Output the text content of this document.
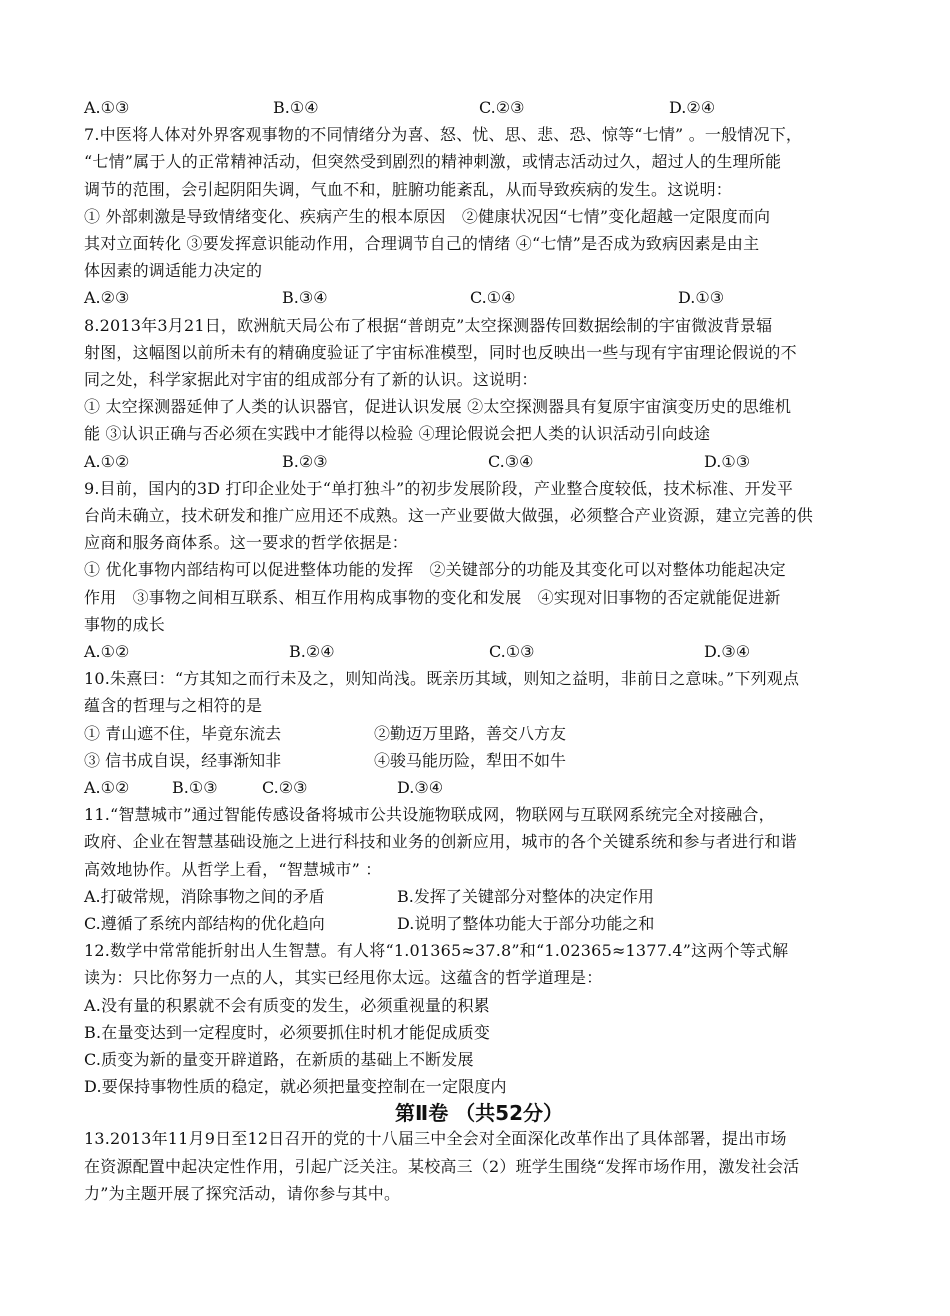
A.①③	B.①④	C.②③	D.②④
7.中医将人体对外界客观事物的不同情绪分为喜、怒、忧、思、悲、恐、惊等“七情” 。一般情况下，
“七情”属于人的正常精神活动，但突然受到剧烈的精神刺激，或情志活动过久，超过人的生理所能
调节的范围，会引起阴阳失调，气血不和，脏腑功能紊乱，从而导致疾病的发生。这说明：
① 外部刺激是导致情绪变化、疾病产生的根本原因　②健康状况因“七情”变化超越一定限度而向
其对立面转化 ③要发挥意识能动作用，合理调节自己的情绪 ④“七情”是否成为致病因素是由主
体因素的调适能力决定的
A.②③	B.③④	C.①④	D.①③
8.2013年3月21日，欧洲航天局公布了根据“普朗克”太空探测器传回数据绘制的宇宙微波背景辐
射图，这幅图以前所未有的精确度验证了宇宙标准模型，同时也反映出一些与现有宇宙理论假说的不
同之处，科学家据此对宇宙的组成部分有了新的认识。这说明：
① 太空探测器延伸了人类的认识器官，促进认识发展 ②太空探测器具有复原宇宙演变历史的思维机
能 ③认识正确与否必须在实践中才能得以检验 ④理论假说会把人类的认识活动引向歧途
A.①②	B.②③	C.③④	D.①③
9.目前，国内的3D 打印企业处于“单打独斗”的初步发展阶段，产业整合度较低，技术标准、开发平
台尚未确立，技术研发和推广应用还不成熟。这一产业要做大做强，必须整合产业资源，建立完善的供
应商和服务商体系。这一要求的哲学依据是：
① 优化事物内部结构可以促进整体功能的发挥　②关键部分的功能及其变化可以对整体功能起决定
作用　③事物之间相互联系、相互作用构成事物的变化和发展　④实现对旧事物的否定就能促进新
事物的成长
A.①②	B.②④	C.①③	D.③④
10.朱熹曰：“方其知之而行未及之，则知尚浅。既亲历其域，则知之益明，非前日之意味。”下列观点
蕴含的哲理与之相符的是
① 青山遮不住，毕竟东流去	②勤迈万里路，善交八方友
③ 信书成自误，经事渐知非	④骏马能历险，犁田不如牛
A.①②	B.①③	C.②③	D.③④
11.“智慧城市”通过智能传感设备将城市公共设施物联成网，物联网与互联网系统完全对接融合，
政府、企业在智慧基础设施之上进行科技和业务的创新应用，城市的各个关键系统和参与者进行和谐
高效地协作。从哲学上看，“智慧城市” ：
A.打破常规，消除事物之间的矛盾	B.发挥了关键部分对整体的决定作用
C.遵循了系统内部结构的优化趋向	D.说明了整体功能大于部分功能之和
12.数学中常常能折射出人生智慧。有人将“1.01365≈37.8”和“1.02365≈1377.4”这两个等式解
读为：只比你努力一点的人，其实已经甩你太远。这蕴含的哲学道理是：
A.没有量的积累就不会有质变的发生，必须重视量的积累
B.在量变达到一定程度时，必须要抓住时机才能促成质变
C.质变为新的量变开辟道路，在新质的基础上不断发展
D.要保持事物性质的稳定，就必须把量变控制在一定限度内
第Ⅱ卷 （共52分）
13.2013年11月9日至12日召开的党的十八届三中全会对全面深化改革作出了具体部署，提出市场
在资源配置中起决定性作用，引起广泛关注。某校高三（2）班学生围绕“发挥市场作用，激发社会活
力”为主题开展了探究活动，请你参与其中。
